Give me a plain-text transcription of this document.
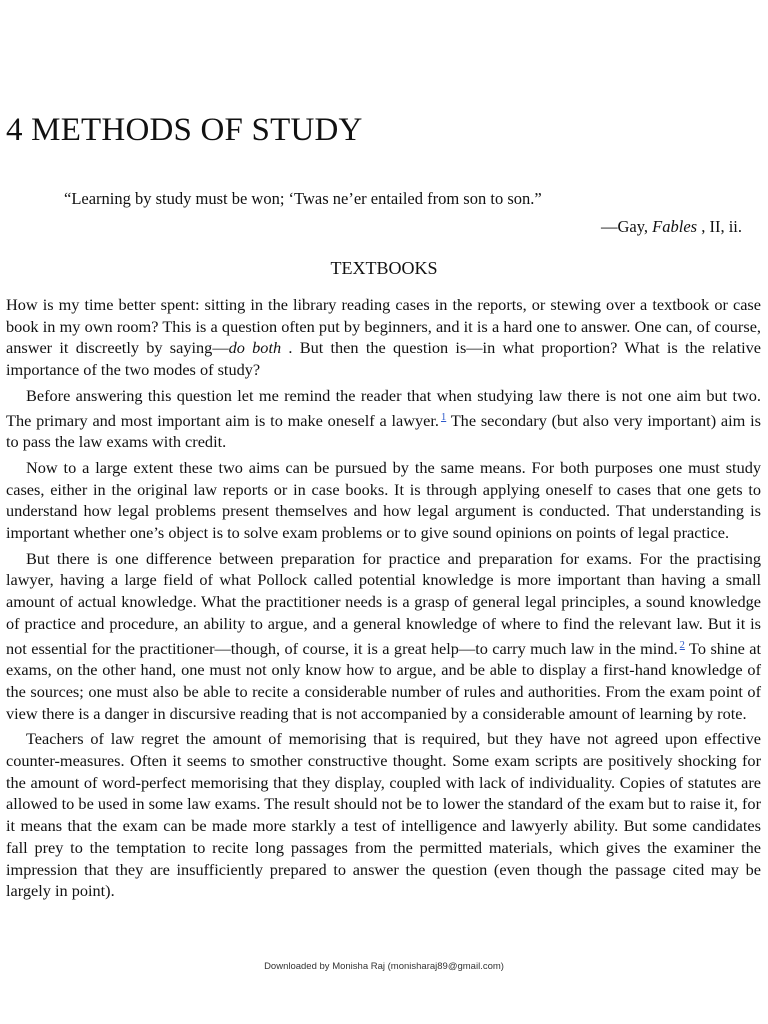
4 METHODS OF STUDY

“Learning by study must be won; ‘Twas ne’er entailed from son to son.”

—Gay, Fables , II, ii.

TEXTBOOKS

How is my time better spent: sitting in the library reading cases in the reports, or stewing over a textbook or case book in my own room? This is a question often put by beginners, and it is a hard one to answer. One can, of course, answer it discreetly by saying—do both . But then the question is—in what proportion? What is the relative importance of the two modes of study?

Before answering this question let me remind the reader that when studying law there is not one aim but two. The primary and most important aim is to make oneself a lawyer. $^1$ The secondary (but also very important) aim is to pass the law exams with credit.

Now to a large extent these two aims can be pursued by the same means. For both purposes one must study cases, either in the original law reports or in case books. It is through applying oneself to cases that one gets to understand how legal problems present themselves and how legal argument is conducted. That understanding is important whether one’s object is to solve exam problems or to give sound opinions on points of legal practice.

But there is one difference between preparation for practice and preparation for exams. For the practising lawyer, having a large field of what Pollock called potential knowledge is more important than having a small amount of actual knowledge. What the practitioner needs is a grasp of general legal principles, a sound knowledge of practice and procedure, an ability to argue, and a general knowledge of where to find the relevant law. But it is not essential for the practitioner—though, of course, it is a great help—to carry much law in the mind. $^2$ To shine at exams, on the other hand, one must not only know how to argue, and be able to display a first-hand knowledge of the sources; one must also be able to recite a considerable number of rules and authorities. From the exam point of view there is a danger in discursive reading that is not accompanied by a considerable amount of learning by rote.

Teachers of law regret the amount of memorising that is required, but they have not agreed upon effective counter-measures. Often it seems to smother constructive thought. Some exam scripts are positively shocking for the amount of word-perfect memorising that they display, coupled with lack of individuality. Copies of statutes are allowed to be used in some law exams. The result should not be to lower the standard of the exam but to raise it, for it means that the exam can be made more starkly a test of intelligence and lawyerly ability. But some candidates fall prey to the temptation to recite long passages from the permitted materials, which gives the examiner the impression that they are insufficiently prepared to answer the question (even though the passage cited may be largely in point).

Downloaded by Monisha Raj (monisharaj89@gmail.com)
